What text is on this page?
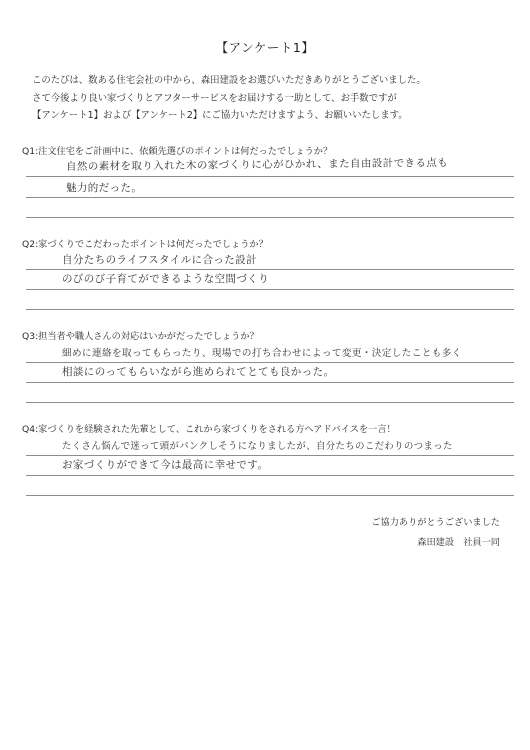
【アンケート1】
このたびは、数ある住宅会社の中から、森田建設をお選びいただきありがとうございました。
さて今後より良い家づくりとアフターサービスをお届けする一助として、お手数ですが
【アンケート1】および【アンケート2】にご協力いただけますよう、お願いいたします。
Q1:注文住宅をご計画中に、依頼先選びのポイントは何だったでしょうか？
自然の素材を取り入れた木の家づくりに心がひかれ、また自由設計できる点も
魅力的だった。
Q2:家づくりでこだわったポイントは何だったでしょうか？
自分たちのライフスタイルに合った設計
のびのび子育てができるような空間づくり
Q3:担当者や職人さんの対応はいかがだったでしょうか？
細めに連絡を取ってもらったり、現場での打ち合わせによって変更・決定したことも多く
相談にのってもらいながら進められてとても良かった。
Q4:家づくりを経験された先輩として、これから家づくりをされる方へアドバイスを一言！
たくさん悩んで迷って頭がパンクしそうになりましたが、自分たちのこだわりのつまった
お家づくりができて今は最高に幸せです。
ご協力ありがとうございました
森田建設　社員一同
